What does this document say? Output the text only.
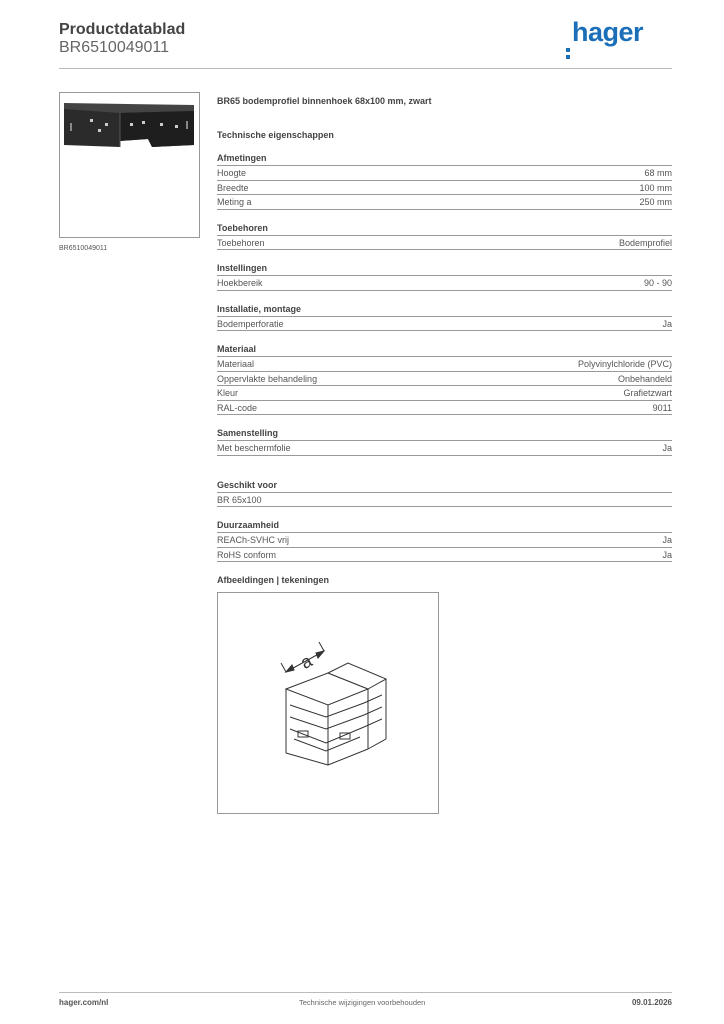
Productdatablad
BR6510049011
hager
BR6510049011
BR65 bodemprofiel binnenhoek 68x100 mm, zwart
Technische eigenschappen
Afmetingen
Hoogte	68 mm
Breedte	100 mm
Meting a	250 mm
Toebehoren
Toebehoren	Bodemprofiel
Instellingen
Hoekbereik	90 - 90
Installatie, montage
Bodemperforatie	Ja
Materiaal
Materiaal	Polyvinylchloride (PVC)
Oppervlakte behandeling	Onbehandeld
Kleur	Grafietzwart
RAL-code	9011
Samenstelling
Met beschermfolie	Ja
Geschikt voor
BR 65x100
Duurzaamheid
REACh-SVHC vrij	Ja
RoHS conform	Ja
Afbeeldingen | tekeningen
a
hager.com/nl	Technische wijzigingen voorbehouden	09.01.2026
